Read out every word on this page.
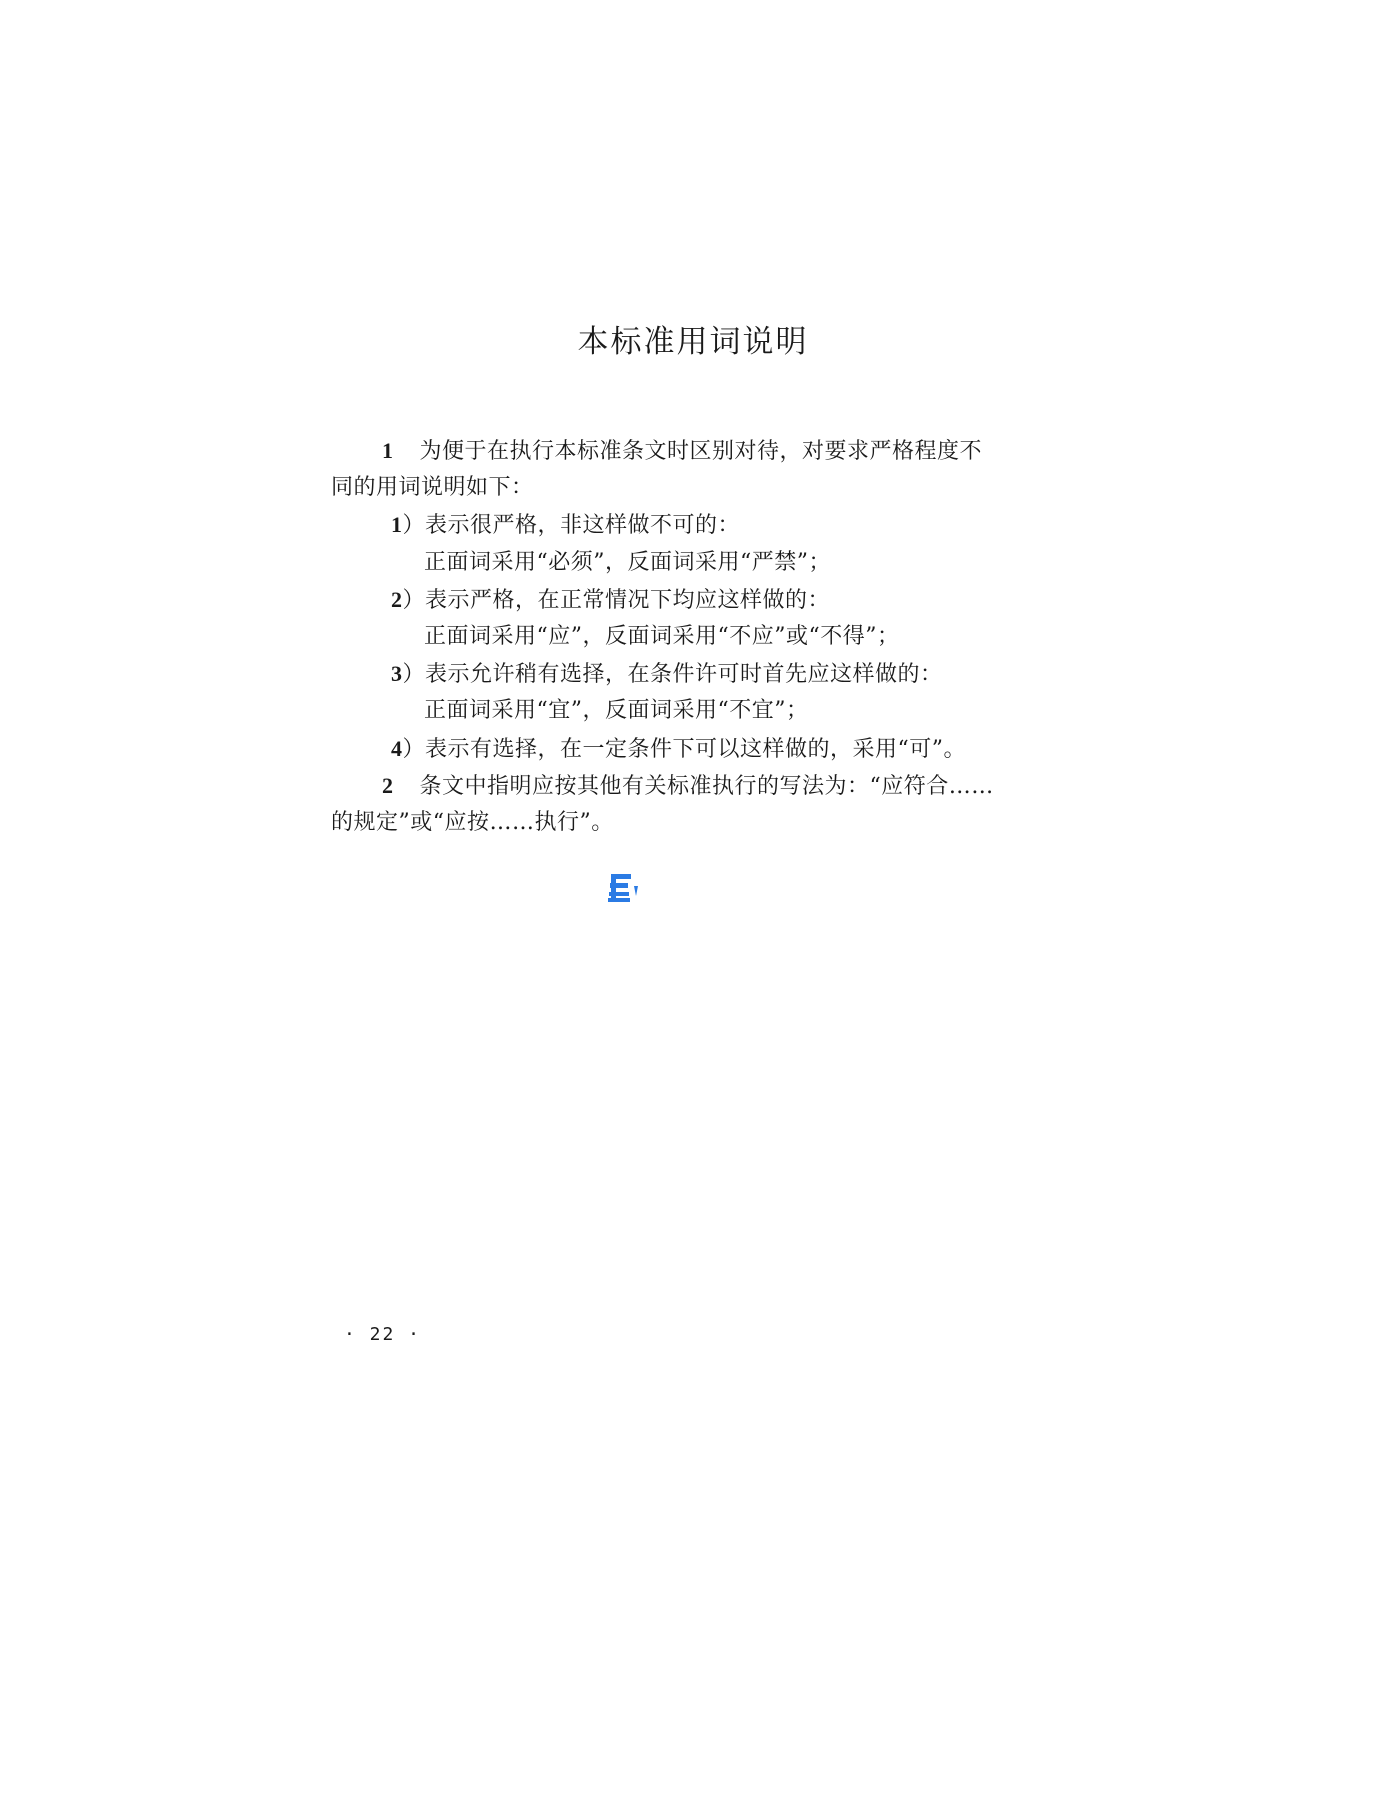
本标准用词说明
1 为便于在执行本标准条文时区别对待，对要求严格程度不
同的用词说明如下：
1）表示很严格，非这样做不可的：
正面词采用“必须”，反面词采用“严禁”；
2）表示严格，在正常情况下均应这样做的：
正面词采用“应”，反面词采用“不应”或“不得”；
3）表示允许稍有选择，在条件许可时首先应这样做的：
正面词采用“宜”，反面词采用“不宜”；
4）表示有选择，在一定条件下可以这样做的，采用“可”。
2 条文中指明应按其他有关标准执行的写法为：“应符合……
的规定”或“应按……执行”。
· 22 ·
